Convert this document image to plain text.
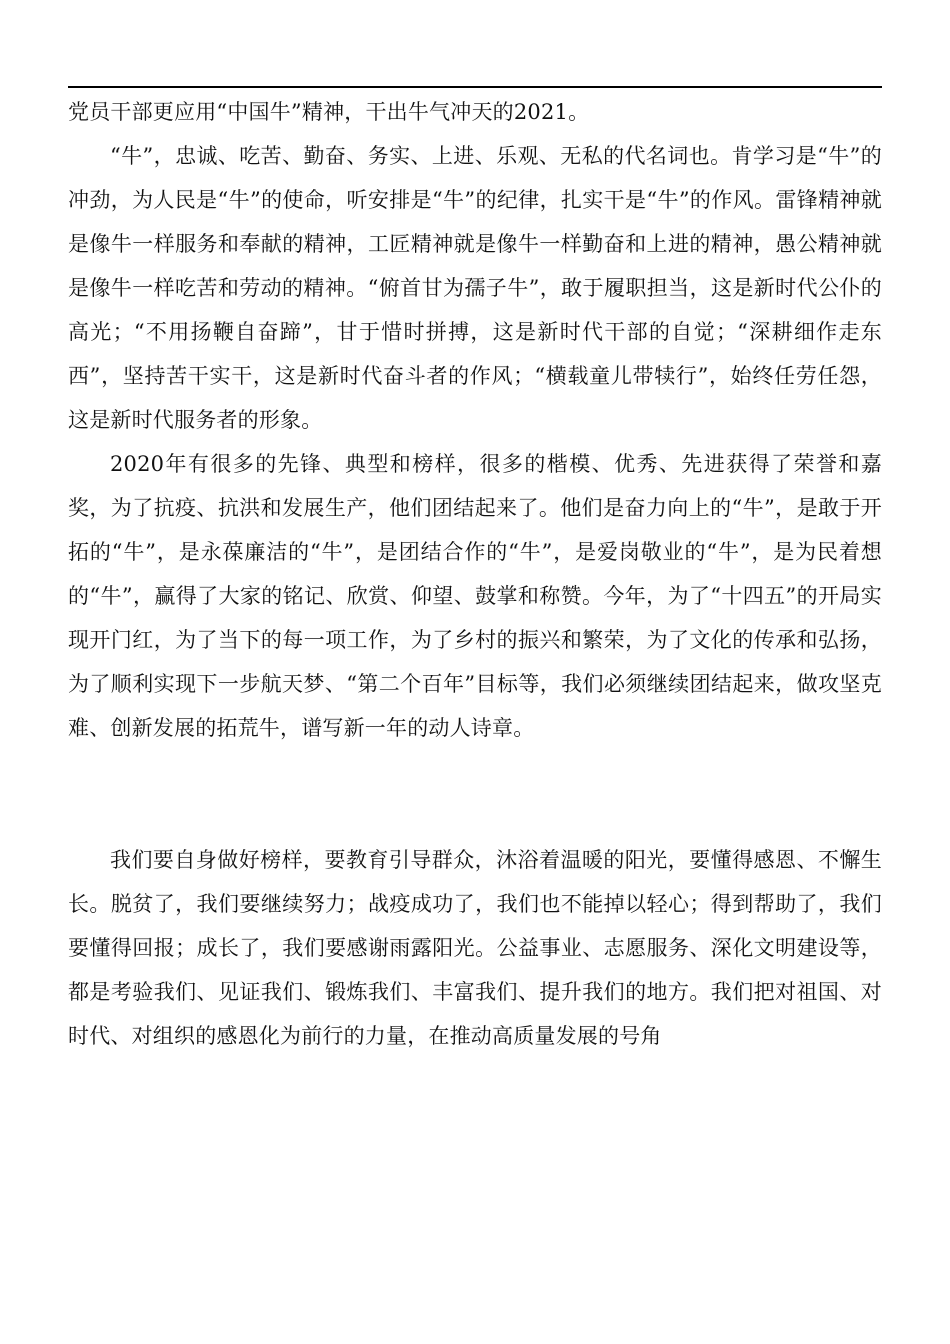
党员干部更应用“中国牛”精神，干出牛气冲天的2021。

“牛”，忠诚、吃苦、勤奋、务实、上进、乐观、无私的代名词也。肯学习是“牛”的冲劲，为人民是“牛”的使命，听安排是“牛”的纪律，扎实干是“牛”的作风。雷锋精神就是像牛一样服务和奉献的精神，工匠精神就是像牛一样勤奋和上进的精神，愚公精神就是像牛一样吃苦和劳动的精神。“俯首甘为孺子牛”，敢于履职担当，这是新时代公仆的高光；“不用扬鞭自奋蹄”，甘于惜时拼搏，这是新时代干部的自觉；“深耕细作走东西”，坚持苦干实干，这是新时代奋斗者的作风；“横载童儿带犊行”，始终任劳任怨，这是新时代服务者的形象。

2020年有很多的先锋、典型和榜样，很多的楷模、优秀、先进获得了荣誉和嘉奖，为了抗疫、抗洪和发展生产，他们团结起来了。他们是奋力向上的“牛”，是敢于开拓的“牛”，是永葆廉洁的“牛”，是团结合作的“牛”，是爱岗敬业的“牛”，是为民着想的“牛”，赢得了大家的铭记、欣赏、仰望、鼓掌和称赞。今年，为了“十四五”的开局实现开门红，为了当下的每一项工作，为了乡村的振兴和繁荣，为了文化的传承和弘扬，为了顺利实现下一步航天梦、“第二个百年”目标等，我们必须继续团结起来，做攻坚克难、创新发展的拓荒牛，谱写新一年的动人诗章。

我们要自身做好榜样，要教育引导群众，沐浴着温暖的阳光，要懂得感恩、不懈生长。脱贫了，我们要继续努力；战疫成功了，我们也不能掉以轻心；得到帮助了，我们要懂得回报；成长了，我们要感谢雨露阳光。公益事业、志愿服务、深化文明建设等，都是考验我们、见证我们、锻炼我们、丰富我们、提升我们的地方。我们把对祖国、对时代、对组织的感恩化为前行的力量，在推动高质量发展的号角
